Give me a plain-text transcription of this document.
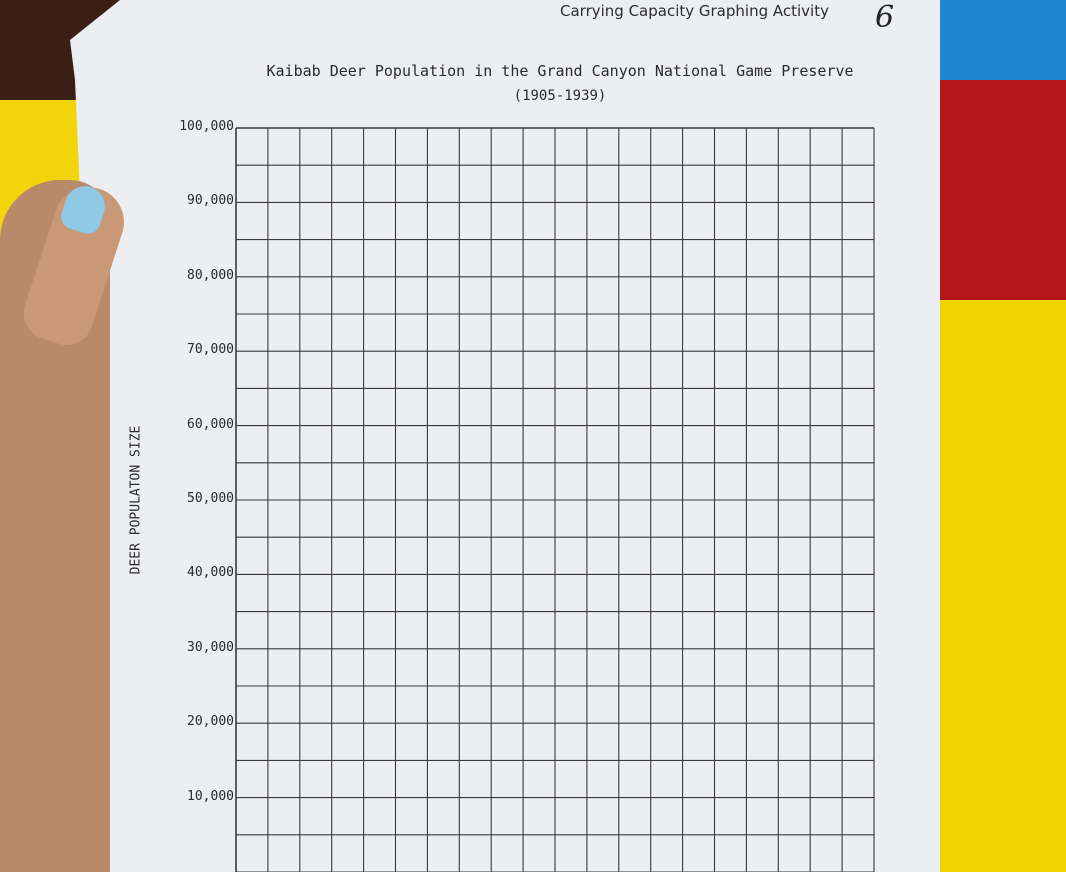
Carrying Capacity Graphing Activity 6
Kaibab Deer Population in the Grand Canyon National Game Preserve
(1905-1939)
DEER POPULATON SIZE
100,000
90,000
80,000
70,000
60,000
50,000
40,000
30,000
20,000
10,000
